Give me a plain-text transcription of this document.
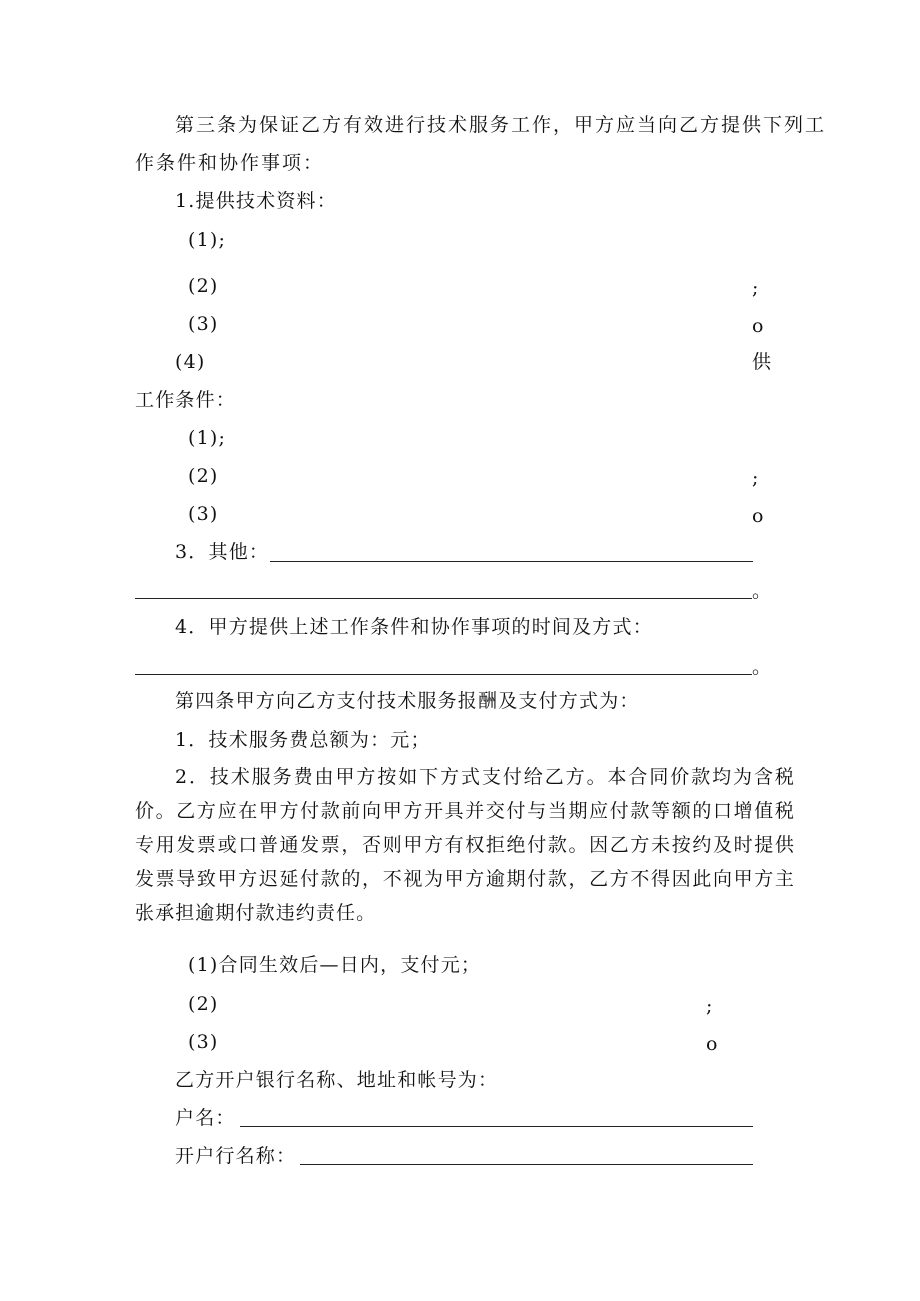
第三条为保证乙方有效进行技术服务工作，甲方应当向乙方提供下列工
作条件和协作事项：
1.提供技术资料：
(1);
(2)	;
(3)	o
(4)	供
工作条件：
(1);
(2)	;
(3)	o
3．其他：
。
4．甲方提供上述工作条件和协作事项的时间及方式：
。
第四条甲方向乙方支付技术服务报酬及支付方式为：
1．技术服务费总额为：元；
2．技术服务费由甲方按如下方式支付给乙方。本合同价款均为含税价。乙方应在甲方付款前向甲方开具并交付与当期应付款等额的口增值税专用发票或口普通发票，否则甲方有权拒绝付款。因乙方未按约及时提供发票导致甲方迟延付款的，不视为甲方逾期付款，乙方不得因此向甲方主张承担逾期付款违约责任。
(1)合同生效后—日内，支付元；
(2)	;
(3)	o
乙方开户银行名称、地址和帐号为：
户名：
开户行名称：
